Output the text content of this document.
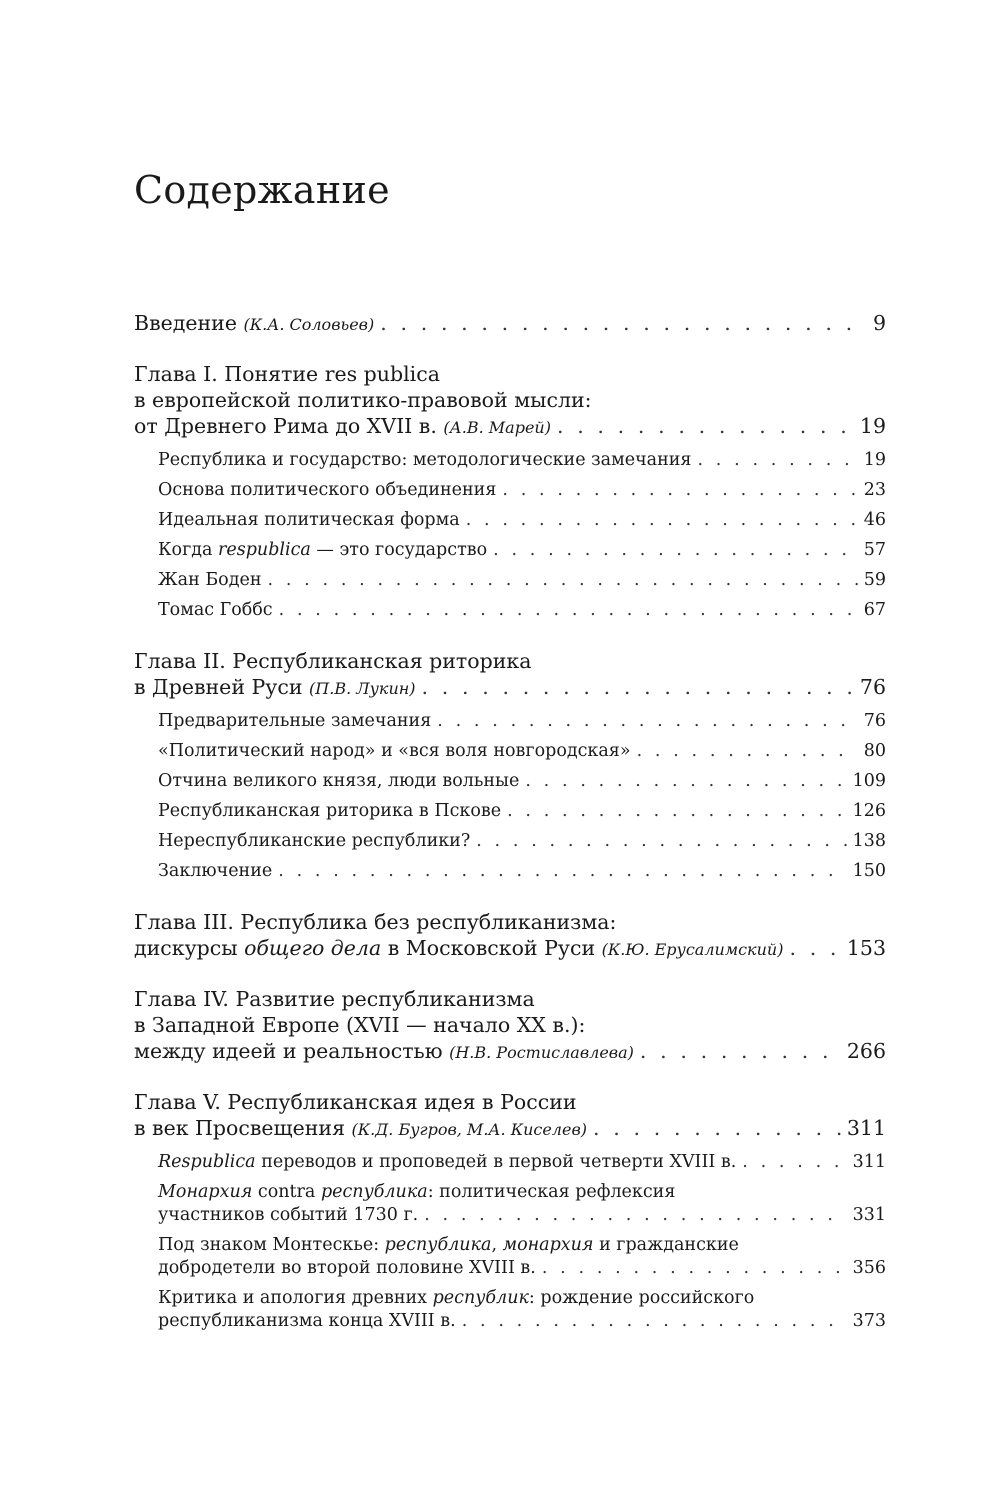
Содержание
Введение (К.А. Соловьев) . . .	9
Глава I. Понятие res publica
в европейской политико-правовой мысли:
от Древнего Рима до XVII в. (А.В. Марей) . . .	19
Республика и государство: методологические замечания . . .	19
Основа политического объединения . . .	23
Идеальная политическая форма . . .	46
Когда respublica — это государство . . .	57
Жан Боден . . .	59
Томас Гоббс . . .	67
Глава II. Республиканская риторика
в Древней Руси (П.В. Лукин) . . .	76
Предварительные замечания . . .	76
«Политический народ» и «вся воля новгородская» . . .	80
Отчина великого князя, люди вольные . . .	109
Республиканская риторика в Пскове . . .	126
Нереспубликанские республики? . . .	138
Заключение . . .	150
Глава III. Республика без республиканизма:
дискурсы общего дела в Московской Руси (К.Ю. Ерусалимский) . . .	153
Глава IV. Развитие республиканизма
в Западной Европе (XVII — начало XX в.):
между идеей и реальностью (Н.В. Ростиславлева) . . .	266
Глава V. Республиканская идея в России
в век Просвещения (К.Д. Бугров, М.А. Киселев) . . .	311
Respublica переводов и проповедей в первой четверти XVIII в. . . .	311
Монархия contra республика: политическая рефлексия
участников событий 1730 г. . . .	331
Под знаком Монтескье: республика, монархия и гражданские
добродетели во второй половине XVIII в. . . .	356
Критика и апология древних республик: рождение российского
республиканизма конца XVIII в. . . .	373
